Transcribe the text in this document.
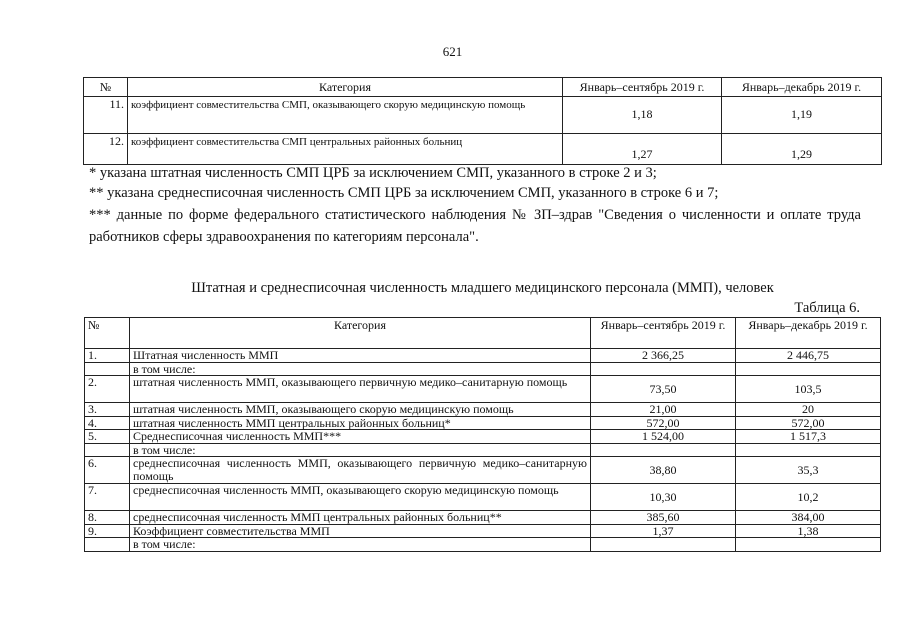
621
№	Категория	Январь–сентябрь 2019 г.	Январь–декабрь 2019 г.
11.	коэффициент совместительства СМП, оказывающего скорую медицинскую помощь	1,18	1,19
12.	коэффициент совместительства СМП центральных районных больниц	1,27	1,29
* указана штатная численность СМП ЦРБ за исключением СМП, указанного в строке 2 и 3;
** указана среднесписочная численность СМП ЦРБ за исключением СМП, указанного в строке 6 и 7;
*** данные по форме федерального статистического наблюдения № ЗП–здрав "Сведения о численности и оплате труда работников сферы здравоохранения по категориям персонала".
Штатная и среднесписочная численность младшего медицинского персонала (ММП), человек
Таблица 6.
№	Категория	Январь–сентябрь 2019 г.	Январь–декабрь 2019 г.
1.	Штатная численность ММП	2 366,25	2 446,75
	в том числе:		
2.	штатная численность ММП, оказывающего первичную медико–санитарную помощь	73,50	103,5
3.	штатная численность ММП, оказывающего скорую медицинскую помощь	21,00	20
4.	штатная численность ММП центральных районных больниц*	572,00	572,00
5.	Среднесписочная численность ММП***	1 524,00	1 517,3
	в том числе:		
6.	среднесписочная численность ММП, оказывающего первичную медико–санитарную помощь	38,80	35,3
7.	среднесписочная численность ММП, оказывающего скорую медицинскую помощь	10,30	10,2
8.	среднесписочная численность ММП центральных районных больниц**	385,60	384,00
9.	Коэффициент совместительства ММП	1,37	1,38
	в том числе:		
